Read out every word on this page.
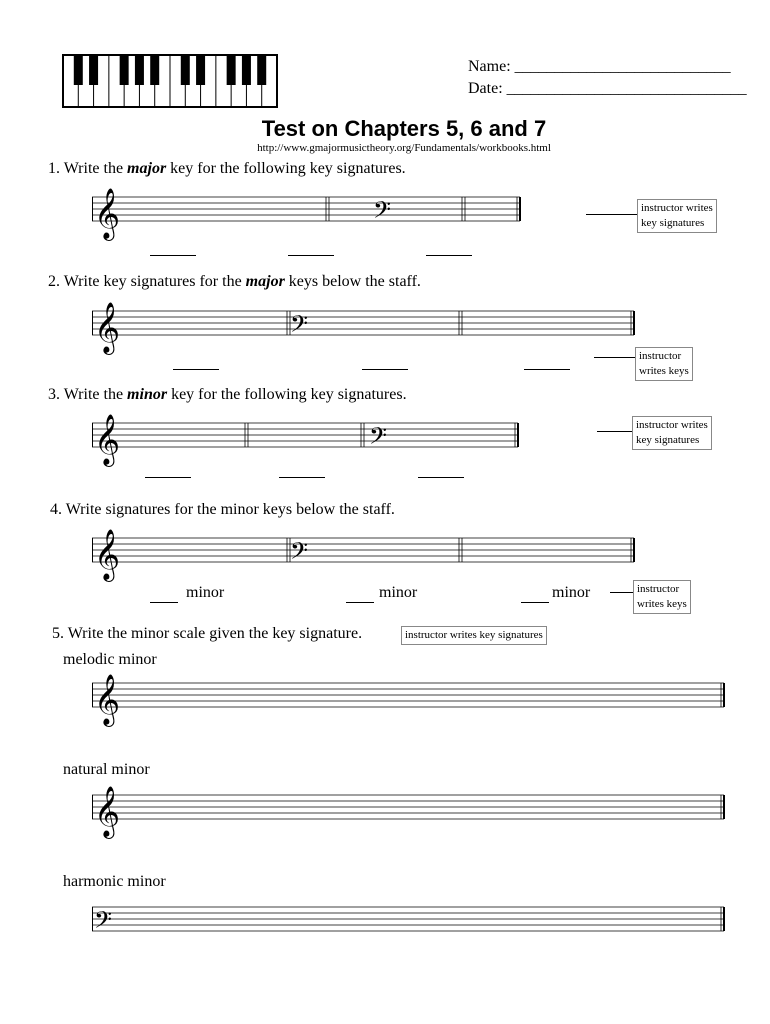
Name: ___________________________
Date: ______________________________
Test on Chapters 5, 6 and 7
http://www.gmajormusictheory.org/Fundamentals/workbooks.html
1. Write the major key for the following key signatures.
𝄞	𝄢	instructor writes
key signatures
2. Write key signatures for the major keys below the staff.
𝄞	𝄢
instructor
writes keys
3. Write the minor key for the following key signatures.
𝄞	𝄢	instructor writes
key signatures
4. Write signatures for the minor keys below the staff.
𝄞	𝄢
minor	minor	minor	instructor
writes keys
5. Write the minor scale given the key signature.	instructor writes key signatures
melodic minor
𝄞
natural minor
𝄞
harmonic minor
𝄢
